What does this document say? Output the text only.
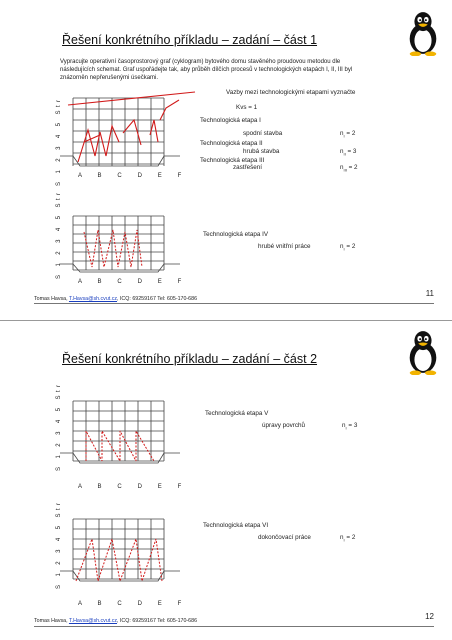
Řešení konkrétního příkladu – zadání – část 1
Vypracujte operativní časoprostorový graf (cyklogram) bytového domu stavěného proudovou metodou dle následujících schemat. Graf uspořádejte tak, aby průběh dílčích procesů v technologických etapách I, II, III byl znázorněn nepřerušenými úsečkami.
S 1 2 3 4 5 Str	A B C D E F
Vazby mezi technologickými etapami vyznačte
Kvs = 1
Technologická etapa I
spodní stavba	$n_I = 2$
Technologická etapa II
hrubá stavba	$n_{II} = 3$
Technologická etapa III
zastřešení	$n_{III} = 2$
S 1 2 3 4 5 Str
A B C D E F
Technologická etapa IV
hrubé vnitřní práce	$n_I = 2$
11
Tomas Havsa, T.Havsa@sh.cvut.cz, ICQ: 69259167 Tel: 605-170-686
Řešení konkrétního příkladu – zadání – část 2
S 1 2 3 4 5 Str
A B C D E F
Technologická etapa V
úpravy povrchů	$n_I = 3$
S 1 2 3 4 5 Str
A B C D E F
Technologická etapa VI
dokončovací práce	$n_I = 2$
12
Tomas Havsa, T.Havsa@sh.cvut.cz, ICQ: 69259167 Tel: 605-170-686
